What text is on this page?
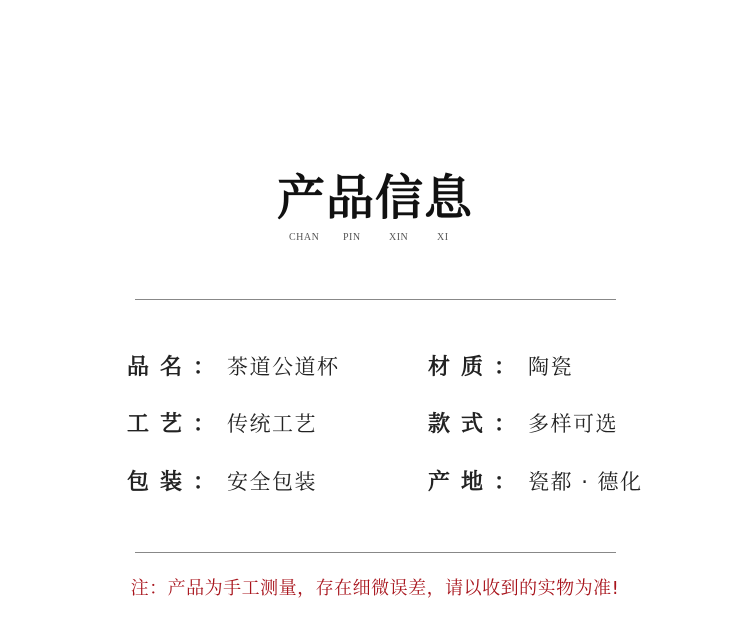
产品信息
CHAN PIN	XIN	XI
品名： 茶道公道杯	材质： 陶瓷
工艺： 传统工艺	款式： 多样可选
包装： 安全包装	产地： 瓷都 · 德化
注：产品为手工测量，存在细微误差，请以收到的实物为准!
